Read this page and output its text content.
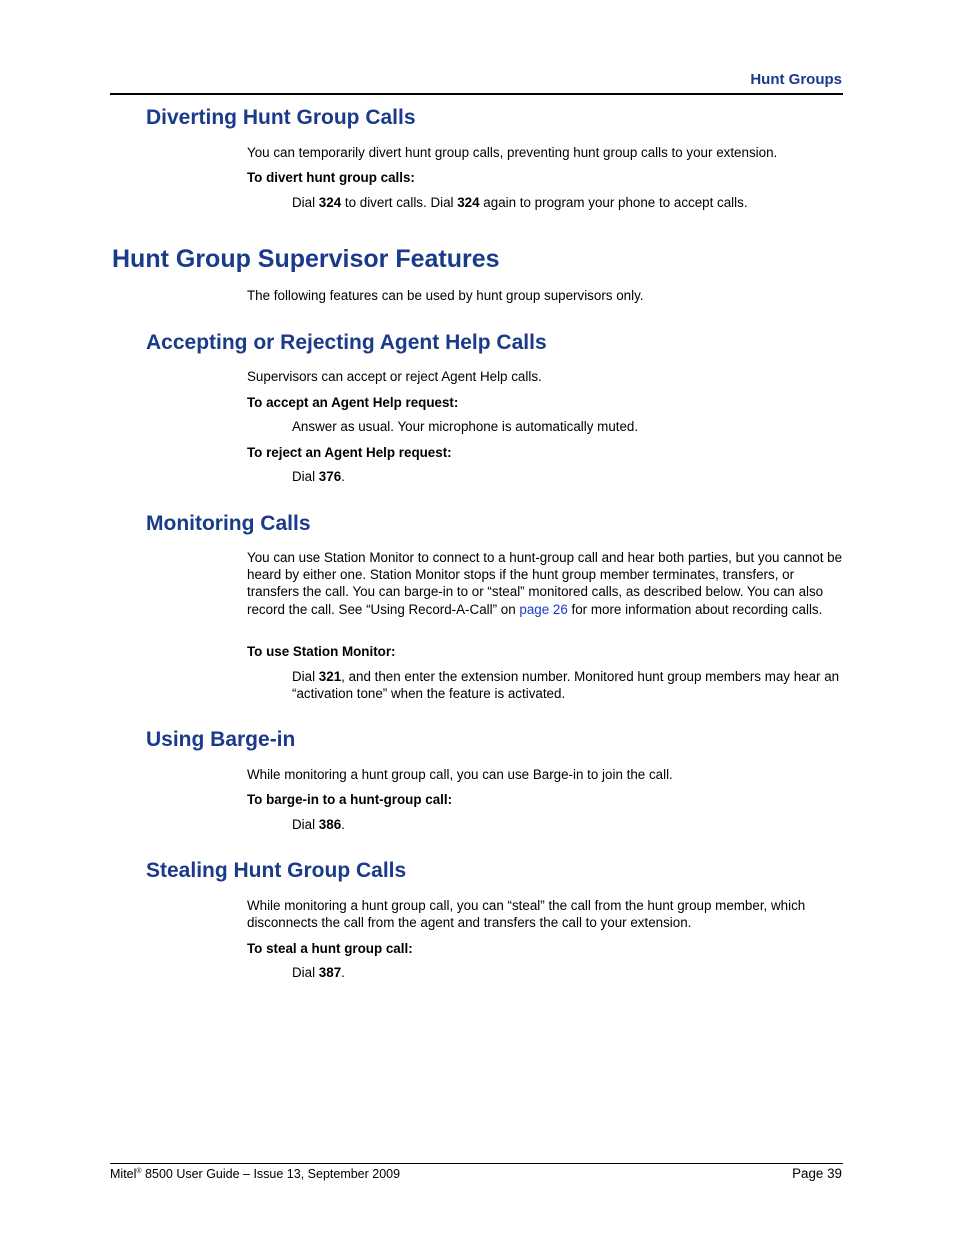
Hunt Groups
Diverting Hunt Group Calls
You can temporarily divert hunt group calls, preventing hunt group calls to your extension.
To divert hunt group calls:
Dial 324 to divert calls. Dial 324 again to program your phone to accept calls.
Hunt Group Supervisor Features
The following features can be used by hunt group supervisors only.
Accepting or Rejecting Agent Help Calls
Supervisors can accept or reject Agent Help calls.
To accept an Agent Help request:
Answer as usual. Your microphone is automatically muted.
To reject an Agent Help request:
Dial 376.
Monitoring Calls
You can use Station Monitor to connect to a hunt-group call and hear both parties, but you cannot be heard by either one. Station Monitor stops if the hunt group member terminates, transfers, or transfers the call. You can barge-in to or “steal” monitored calls, as described below. You can also record the call. See “Using Record-A-Call” on page 26 for more information about recording calls.
To use Station Monitor:
Dial 321, and then enter the extension number. Monitored hunt group members may hear an “activation tone” when the feature is activated.
Using Barge-in
While monitoring a hunt group call, you can use Barge-in to join the call.
To barge-in to a hunt-group call:
Dial 386.
Stealing Hunt Group Calls
While monitoring a hunt group call, you can “steal” the call from the hunt group member, which disconnects the call from the agent and transfers the call to your extension.
To steal a hunt group call:
Dial 387.
Mitel® 8500 User Guide – Issue 13, September 2009	Page 39
